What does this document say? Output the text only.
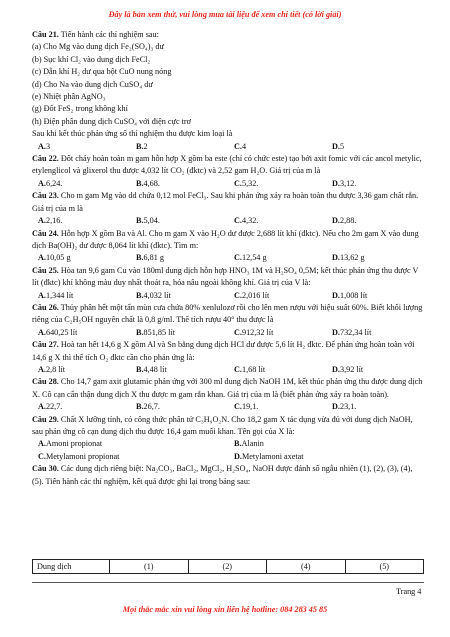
Đây là bản xem thử, vui lòng mua tài liệu để xem chi tiết (có lời giải)
Câu 21. Tiến hành các thí nghiệm sau:
(a) Cho Mg vào dung dịch Fe₂(SO₄)₃ dư
(b) Sục khí Cl₂ vào dung dịch FeCl₂
(c) Dẫn khí H₂ dư qua bột CuO nung nóng
(d) Cho Na vào dung dịch CuSO₄ dư
(e) Nhiệt phân AgNO₃
(g) Đốt FeS₂ trong không khí
(h) Điện phân dung dịch CuSO₄ với điện cực trơ
Sau khi kết thúc phản ứng số thí nghiệm thu được kim loại là
A.3	B.2	C.4	D.5
Câu 22. Đốt cháy hoàn toàn m gam hỗn hợp X gồm ba este (chỉ có chức este) tạo bởi axit fomic với các ancol metylic, etylenglicol và glixerol thu được 4,032 lít CO₂ (đktc) và 2,52 gam H₂O. Giá trị của m là
A.6,24.	B.4,68.	C.5,32.	D.3,12.
Câu 23. Cho m gam Mg vào dd chứa 0,12 mol FeCl₃. Sau khi phản ứng xảy ra hoàn toàn thu được 3,36 gam chất rắn. Giá trị của m là
A.2,16.	B.5,04.	C.4,32.	D.2,88.
Câu 24. Hỗn hợp X gồm Ba và Al. Cho m gam X vào H₂O dư được 2,688 lít khí (đktc). Nếu cho 2m gam X vào dung dịch Ba(OH)₂ dư được 8,064 lít khí (đktc). Tìm m:
A.10,05 g	B.6,81 g	C.12,54 g	D.13,62 g
Câu 25. Hòa tan 9,6 gam Cu vào 180ml dung dịch hỗn hợp HNO₃ 1M và H₂SO₄ 0,5M; kết thúc phản ứng thu được V lít (đktc) khí không màu duy nhất thoát ra, hóa nâu ngoài không khí. Giá trị của V là:
A.1,344 lít	B.4,032 lít	C.2,016 lít	D.1,008 lít
Câu 26. Thủy phân hết một tấn mùn cưa chứa 80% xenlulozơ rồi cho lên men rượu với hiệu suất 60%. Biết khối lượng riêng của C₂H₅OH nguyên chất là 0,8 g/ml. Thể tích rượu 40° thu được là
A.640,25 lít	B.851,85 lít	C.912,32 lít	D.732,34 lít
Câu 27. Hoà tan hết 14,6 g X gồm Al và Sn bằng dung dịch HCl dư được 5,6 lít H₂ đktc. Để phản ứng hoàn toàn với 14,6 g X thì thể tích O₂ đktc cần cho phản ứng là:
A.2,8 lít	B.4,48 lít	C.1,68 lít	D.3,92 lít
Câu 28. Cho 14,7 gam axit glutamic phản ứng với 300 ml dung dịch NaOH 1M, kết thúc phản ứng thu được dung dịch X. Cô cạn cẩn thận dung dịch X thu được m gam rắn khan. Giá trị của m là (biết phản ứng xảy ra hoàn toàn).
A.22,7.	B.26,7.	C.19,1.	D.23,1.
Câu 29. Chất X lưỡng tính, có công thức phân tử C₃H₉O₂N. Cho 18,2 gam X tác dụng vừa đủ với dung dịch NaOH, sau phản ứng cô cạn dung dịch thu được 16,4 gam muối khan. Tên gọi của X là:
A.Amoni propionat	B.Alanin
C.Metylamoni propionat	D.Metylamoni axetat
Câu 30. Các dung dịch riêng biệt: Na₂CO₃, BaCl₂, MgCl₂, H₂SO₄, NaOH được đánh số ngẫu nhiên (1), (2), (3), (4), (5). Tiến hành các thí nghiệm, kết quả được ghi lại trong bảng sau:
Dung dịch	(1)	(2)	(4)	(5)
Trang 4
Mọi thắc mắc xin vui lòng xin liên hệ hotline: 084 283 45 85
